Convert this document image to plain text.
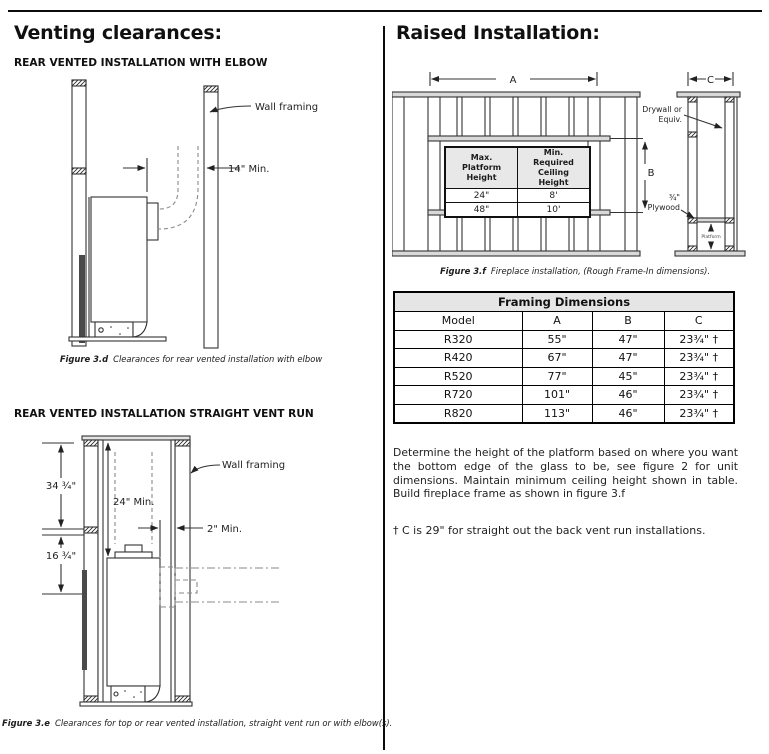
Venting clearances:
REAR VENTED INSTALLATION WITH ELBOW
14" Min.
Wall framing
Figure 3.d Clearances for rear vented installation with elbow
REAR VENTED INSTALLATION STRAIGHT VENT RUN
34 ¾"
16 ¾"
24" Min.
2" Min.
Wall framing
Figure 3.e Clearances for top or rear vented installation, straight vent run or with elbow(s).
Raised Installation:
A
B
C
Drywall or
Equiv.
¾"
Plywood
Platform
Max. Platform Height	Min. Required Ceiling Height
24"	8'
48"	10'
Figure 3.f Fireplace installation, (Rough Frame-In dimensions).
Framing Dimensions			
Model	A	B	C
R320	55"	47"	23¾" †
R420	67"	47"	23¾" †
R520	77"	45"	23¾" †
R720	101"	46"	23¾" †
R820	113"	46"	23¾" †
Determine the height of the platform based on where you want the bottom edge of the glass to be, see figure 2 for unit dimensions. Maintain minimum ceiling height shown in table. Build fireplace frame as shown in figure 3.f
† C is 29" for straight out the back vent run installations.
